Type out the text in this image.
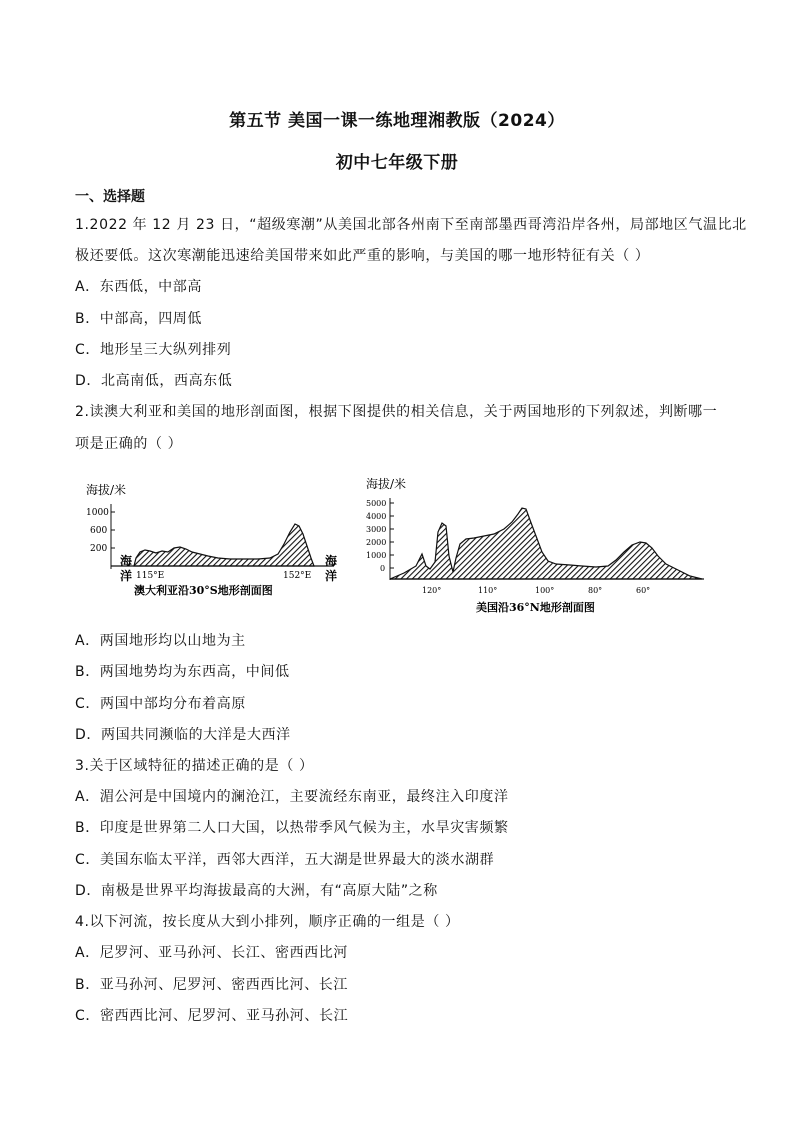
第五节 美国一课一练地理湘教版（2024）
初中七年级下册
一、选择题
1.2022 年 12 月 23 日，“超级寒潮”从美国北部各州南下至南部墨西哥湾沿岸各州，局部地区气温比北
极还要低。这次寒潮能迅速给美国带来如此严重的影响，与美国的哪一地形特征有关（ ）
A．东西低，中部高
B．中部高，四周低
C．地形呈三大纵列排列
D．北高南低，西高东低
2.读澳大利亚和美国的地形剖面图，根据下图提供的相关信息，关于两国地形的下列叙述，判断哪一
项是正确的（ ）
海拔/米
1000
600
200
海
洋
海
洋
115°E	152°E
澳大利亚沿30°S地形剖面图
海拔/米
5000
4000
3000
2000
1000
0
120°	110°	100°	80°	60°
美国沿36°N地形剖面图
A．两国地形均以山地为主
B．两国地势均为东西高，中间低
C．两国中部均分布着高原
D．两国共同濒临的大洋是大西洋
3.关于区域特征的描述正确的是（ ）
A．湄公河是中国境内的澜沧江，主要流经东南亚，最终注入印度洋
B．印度是世界第二人口大国，以热带季风气候为主，水旱灾害频繁
C．美国东临太平洋，西邻大西洋，五大湖是世界最大的淡水湖群
D．南极是世界平均海拔最高的大洲，有“高原大陆”之称
4.以下河流，按长度从大到小排列，顺序正确的一组是（ ）
A．尼罗河、亚马孙河、长江、密西西比河
B．亚马孙河、尼罗河、密西西比河、长江
C．密西西比河、尼罗河、亚马孙河、长江
